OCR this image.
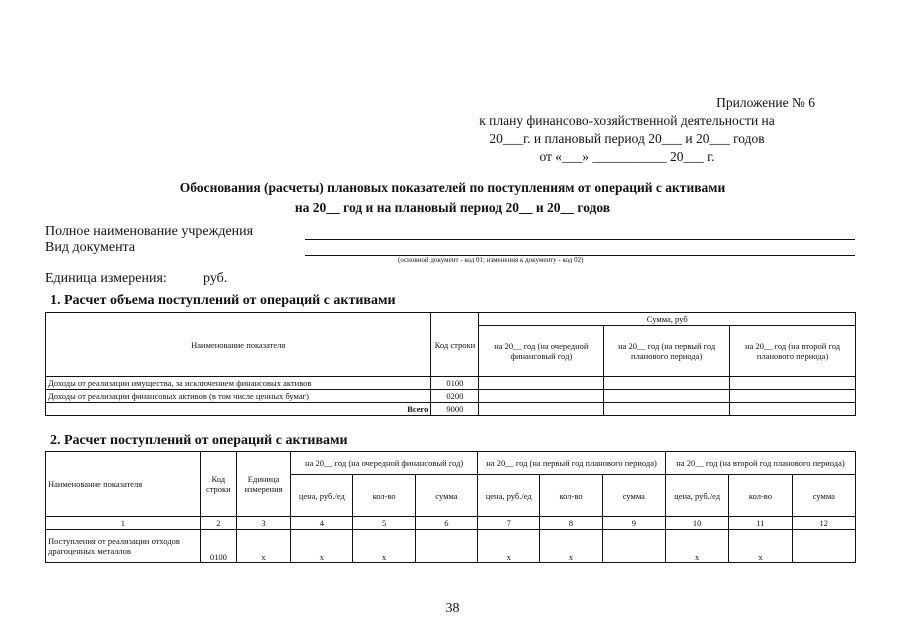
Приложение № 6
к плану финансово-хозяйственной деятельности на
20___г. и плановый период 20___ и 20___ годов
от «___» ___________ 20___ г.
Обоснования (расчеты) плановых показателей по поступлениям от операций с активами
на 20__ год и на плановый период 20__ и 20__ годов
Полное наименование учреждения
Вид документа
(основной документ - код 01; изменения к документу - код 02)
Единица измерения:	руб.
1. Расчет объема поступлений от операций с активами
Наименование показателя	Код строки	Сумма, руб		
		на 20__ год (на очередной финансовый год)	на 20__ год (на первый год планового периода)	на 20__ год (на второй год планового периода)
Доходы от реализации имущества, за исключением финансовых активов	0100			
Доходы от реализации финансовых активов (в том числе ценных бумаг)	0200			
Всего	9000			
2. Расчет поступлений от операций с активами
Наименование показателя	Код строки	Единица измерения	на 20__ год (на очередной финансовый год)			на 20__ год (на первый год планового периода)			на 20__ год (на второй год планового периода)		
			цена, руб./ед	кол-во	сумма	цена, руб./ед	кол-во	сумма	цена, руб./ед	кол-во	сумма
1	2	3	4	5	6	7	8	9	10	11	12
Поступления от реализации отходов драгоценных металлов	0100	x	x	x		x	x		x	x	
38
